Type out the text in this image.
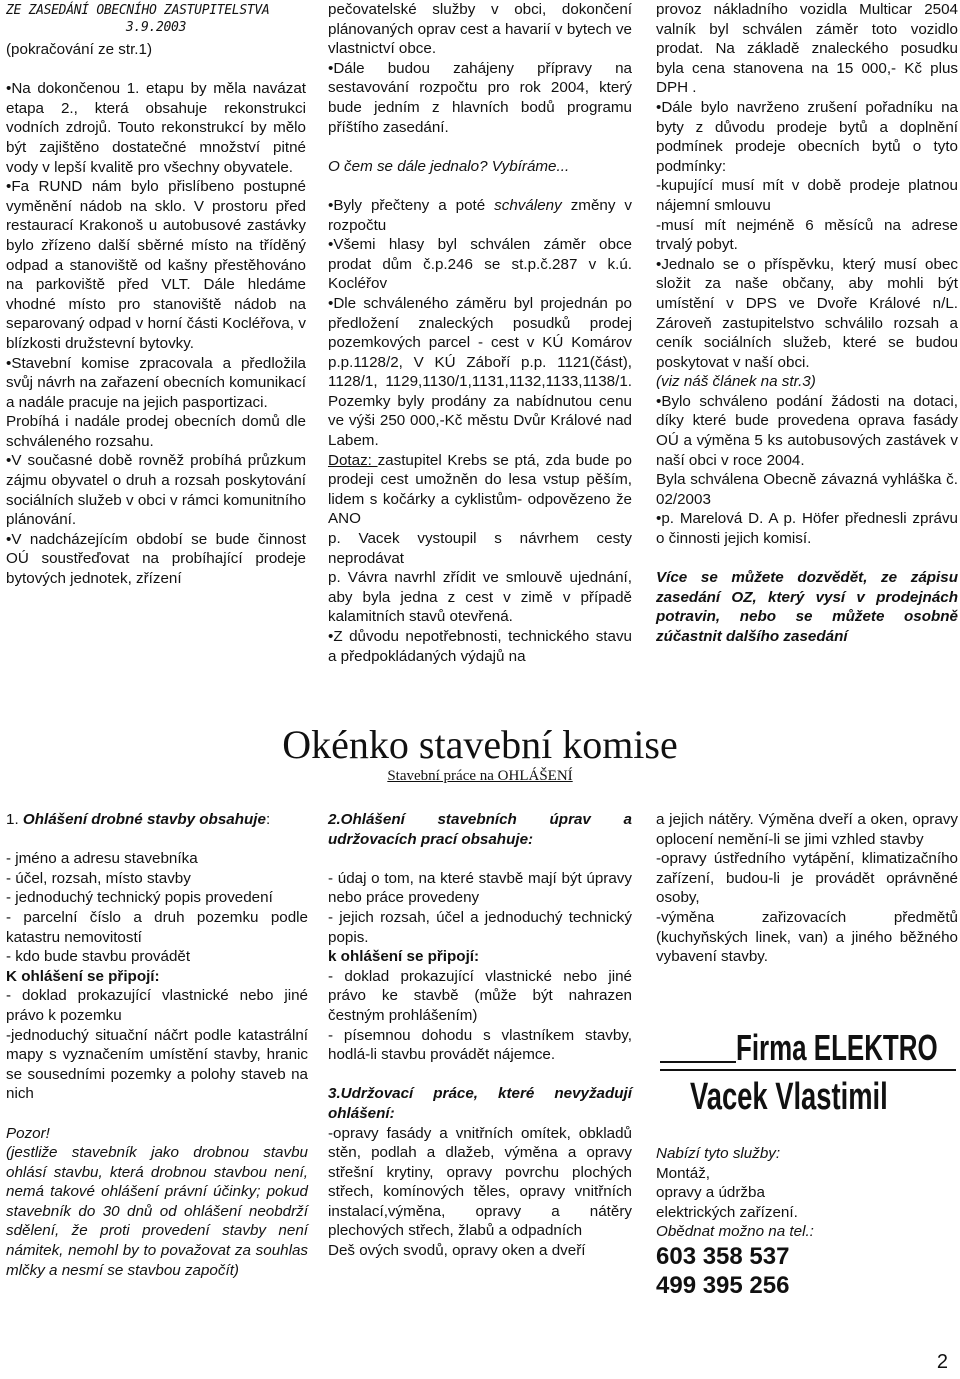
ZE ZASEDÁNÍ OBECNÍHO ZASTUPITELSTVA
3.9.2003

(pokračování ze str.1)

•Na dokončenou 1. etapu by měla navázat etapa 2., která obsahuje rekonstrukci vodních zdrojů. Touto rekonstrukcí by mělo být zajištěno dostatečné množství pitné vody v lepší kvalitě pro všechny obyvatele.

•Fa RUND nám bylo přislíbeno postupné vyměnění nádob na sklo. V prostoru před restaurací Krakonoš u autobusové zastávky bylo zřízeno další sběrné místo na tříděný odpad a stanoviště od kašny přestěhováno na parkoviště před VLT. Dále hledáme vhodné místo pro stanoviště nádob na separovaný odpad v horní části Kocléřova, v blízkosti družstevní bytovky.

•Stavební komise zpracovala a předložila svůj návrh na zařazení obecních komunikací a nadále pracuje na jejich pasportizaci.

Probíhá i nadále prodej obecních domů dle schváleného rozsahu.

•V současné době rovněž probíhá průzkum zájmu obyvatel o druh a rozsah poskytování sociálních služeb v obci v rámci komunitního plánování.

•V nadcházejícím období se bude činnost OÚ soustřeďovat na probíhající prodeje bytových jednotek, zřízení

pečovatelské služby v obci, dokončení plánovaných oprav cest a havarií v bytech ve vlastnictví obce.

•Dále budou zahájeny přípravy na sestavování rozpočtu pro rok 2004, který bude jedním z hlavních bodů programu příštího zasedání.

O čem se dále jednalo? Vybíráme...

•Byly přečteny a poté schváleny změny v rozpočtu

•Všemi hlasy byl schválen záměr obce prodat dům č.p.246 se st.p.č.287 v k.ú. Kocléřov

•Dle schváleného záměru byl projednán po předložení znaleckých posudků prodej pozemkových parcel - cest v KÚ Komárov p.p.1128/2, V KÚ Záboří p.p. 1121(část), 1128/1, 1129,1130/1,1131,1132,1133,1138/1. Pozemky byly prodány za nabídnutou cenu ve výši 250 000,-Kč městu Dvůr Králové nad Labem.

Dotaz: zastupitel Krebs se ptá, zda bude po prodeji cest umožněn do lesa vstup pěším, lidem s kočárky a cyklistům- odpovězeno že ANO

p. Vacek vystoupil s návrhem cesty neprodávat

p. Vávra navrhl zřídit ve smlouvě ujednání, aby byla jedna z cest v zimě v případě kalamitních stavů otevřená.

•Z důvodu nepotřebnosti, technického stavu a předpokládaných výdajů na

provoz nákladního vozidla Multicar 2504 valník byl schválen záměr toto vozidlo prodat. Na základě znaleckého posudku byla cena stanovena na 15 000,- Kč plus DPH .

•Dále bylo navrženo zrušení pořadníku na byty z důvodu prodeje bytů a doplnění podmínek prodeje obecních bytů o tyto podmínky:

-kupující musí mít v době prodeje platnou nájemní smlouvu

-musí mít nejméně 6 měsíců na adrese trvalý pobyt.

•Jednalo se o příspěvku, který musí obec složit za naše občany, aby mohli být umístění v DPS ve Dvoře Králové n/L. Zároveň zastupitelstvo schválilo rozsah a ceník sociálních služeb, které se budou poskytovat v naší obci.

(viz náš článek na str.3)

•Bylo schváleno podání žádosti na dotaci, díky které bude provedena oprava fasády OÚ a výměna 5 ks autobusových zastávek v naší obci v roce 2004.

Byla schválena Obecně závazná vyhláška č. 02/2003

•p. Marelová D. A p. Höfer přednesli zprávu o činnosti jejich komisí.

Více se můžete dozvědět, ze zápisu zasedání OZ, který vysí v prodejnách potravin, nebo se můžete osobně zúčastnit dalšího zasedání

Okénko stavební komise
Stavební práce na OHLÁŠENÍ

1. Ohlášení drobné stavby obsahuje:

- jméno a adresu stavebníka

- účel, rozsah, místo stavby

- jednoduchý technický popis provedení

- parcelní číslo a druh pozemku podle katastru nemovitostí

- kdo bude stavbu provádět

K ohlášení se připojí:

- doklad prokazující vlastnické nebo jiné právo k pozemku

-jednoduchý situační náčrt podle katastrální mapy s vyznačením umístění stavby, hranic se sousedními pozemky a polohy staveb na nich

Pozor!

(jestliže stavebník jako drobnou stavbu ohlásí stavbu, která drobnou stavbou není, nemá takové ohlášení právní účinky; pokud stavebník do 30 dnů od ohlášení neobdrží sdělení, že proti provedení stavby není námitek, nemohl by to považovat za souhlas mlčky a nesmí se stavbou započít)

2.Ohlášení stavebních úprav a udržovacích prací obsahuje:

- údaj o tom, na které stavbě mají být úpravy nebo práce provedeny

- jejich rozsah, účel a jednoduchý technický popis.

k ohlášení se připojí:

- doklad prokazující vlastnické nebo jiné právo ke stavbě (může být nahrazen čestným prohlášením)

- písemnou dohodu s vlastníkem stavby, hodlá-li stavbu provádět nájemce.

3.Udržovací práce, které nevyžadují ohlášení:

-opravy fasády a vnitřních omítek, obkladů stěn, podlah a dlažeb, výměna a opravy střešní krytiny, opravy povrchu plochých střech, komínových těles, opravy vnitřních instalací,výměna, opravy a nátěry plechových střech, žlabů a odpadních

Deš ových svodů, opravy oken a dveří

a jejich nátěry. Výměna dveří a oken, opravy oplocení nemění-li se jimi vzhled stavby

-opravy ústředního vytápění, klimatizačního zařízení, budou-li je provádět oprávněné osoby,

-výměna zařizovacích předmětů (kuchyňských linek, van) a jiného běžného vybavení stavby.

Firma ELEKTRO
Vacek Vlastimil

Nabízí tyto služby:

Montáž,

opravy a údržba

elektrických zařízení.

Obědnat možno na tel.:

603 358 537

499 395 256

2
